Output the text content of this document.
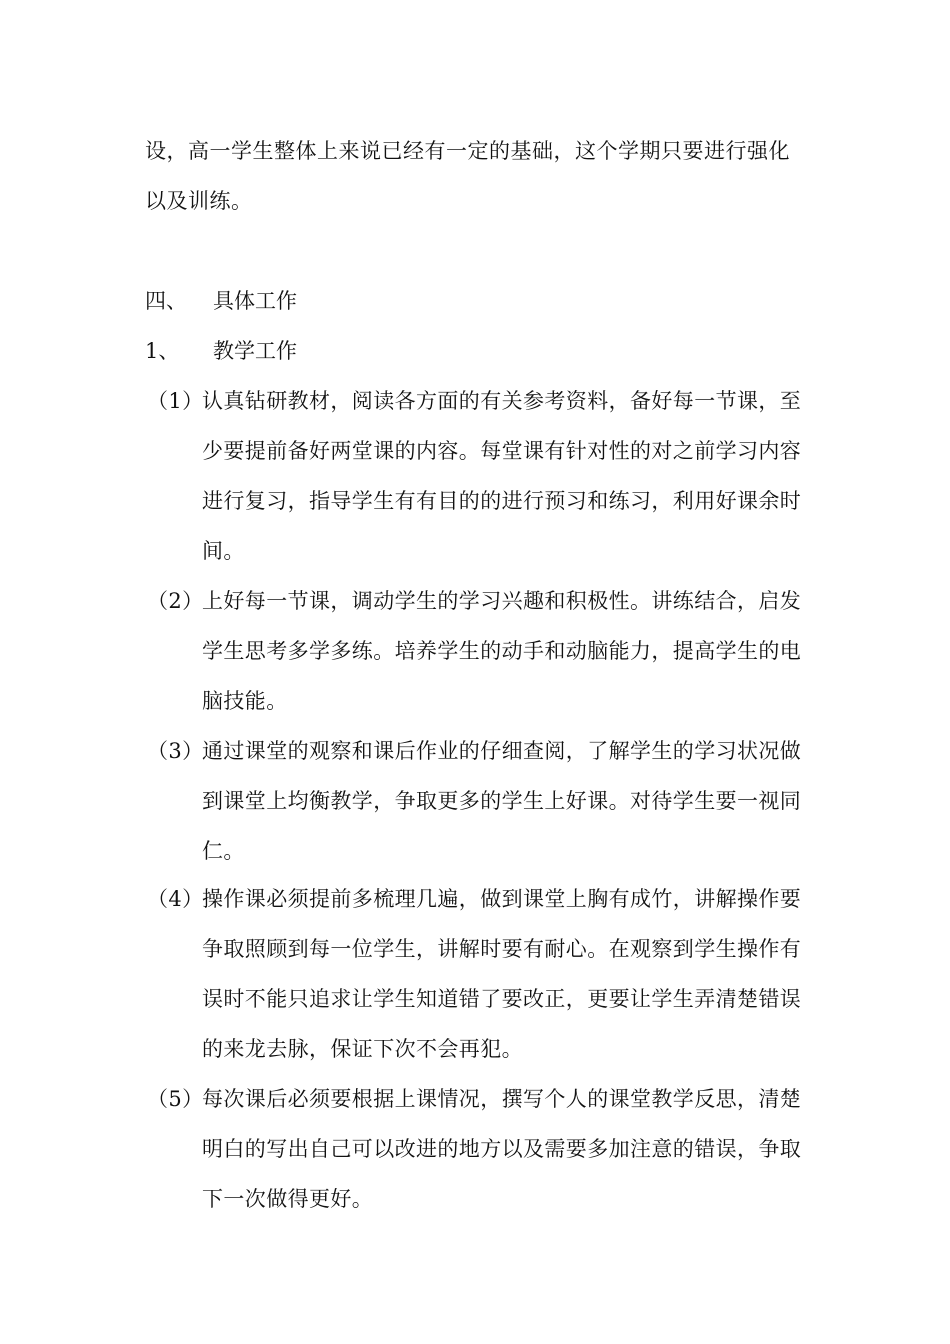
设，高一学生整体上来说已经有一定的基础，这个学期只要进行强化以及训练。

四、 具体工作

1、 教学工作

（1）
认真钻研教材，阅读各方面的有关参考资料，备好每一节课，至少要提前备好两堂课的内容。每堂课有针对性的对之前学习内容进行复习，指导学生有有目的的进行预习和练习，利用好课余时间。

（2）
上好每一节课，调动学生的学习兴趣和积极性。讲练结合，启发学生思考多学多练。培养学生的动手和动脑能力，提高学生的电脑技能。

（3）
通过课堂的观察和课后作业的仔细查阅，了解学生的学习状况做到课堂上均衡教学，争取更多的学生上好课。对待学生要一视同仁。

（4）
操作课必须提前多梳理几遍，做到课堂上胸有成竹，讲解操作要争取照顾到每一位学生，讲解时要有耐心。在观察到学生操作有误时不能只追求让学生知道错了要改正，更要让学生弄清楚错误的来龙去脉，保证下次不会再犯。

（5）
每次课后必须要根据上课情况，撰写个人的课堂教学反思，清楚明白的写出自己可以改进的地方以及需要多加注意的错误，争取下一次做得更好。
